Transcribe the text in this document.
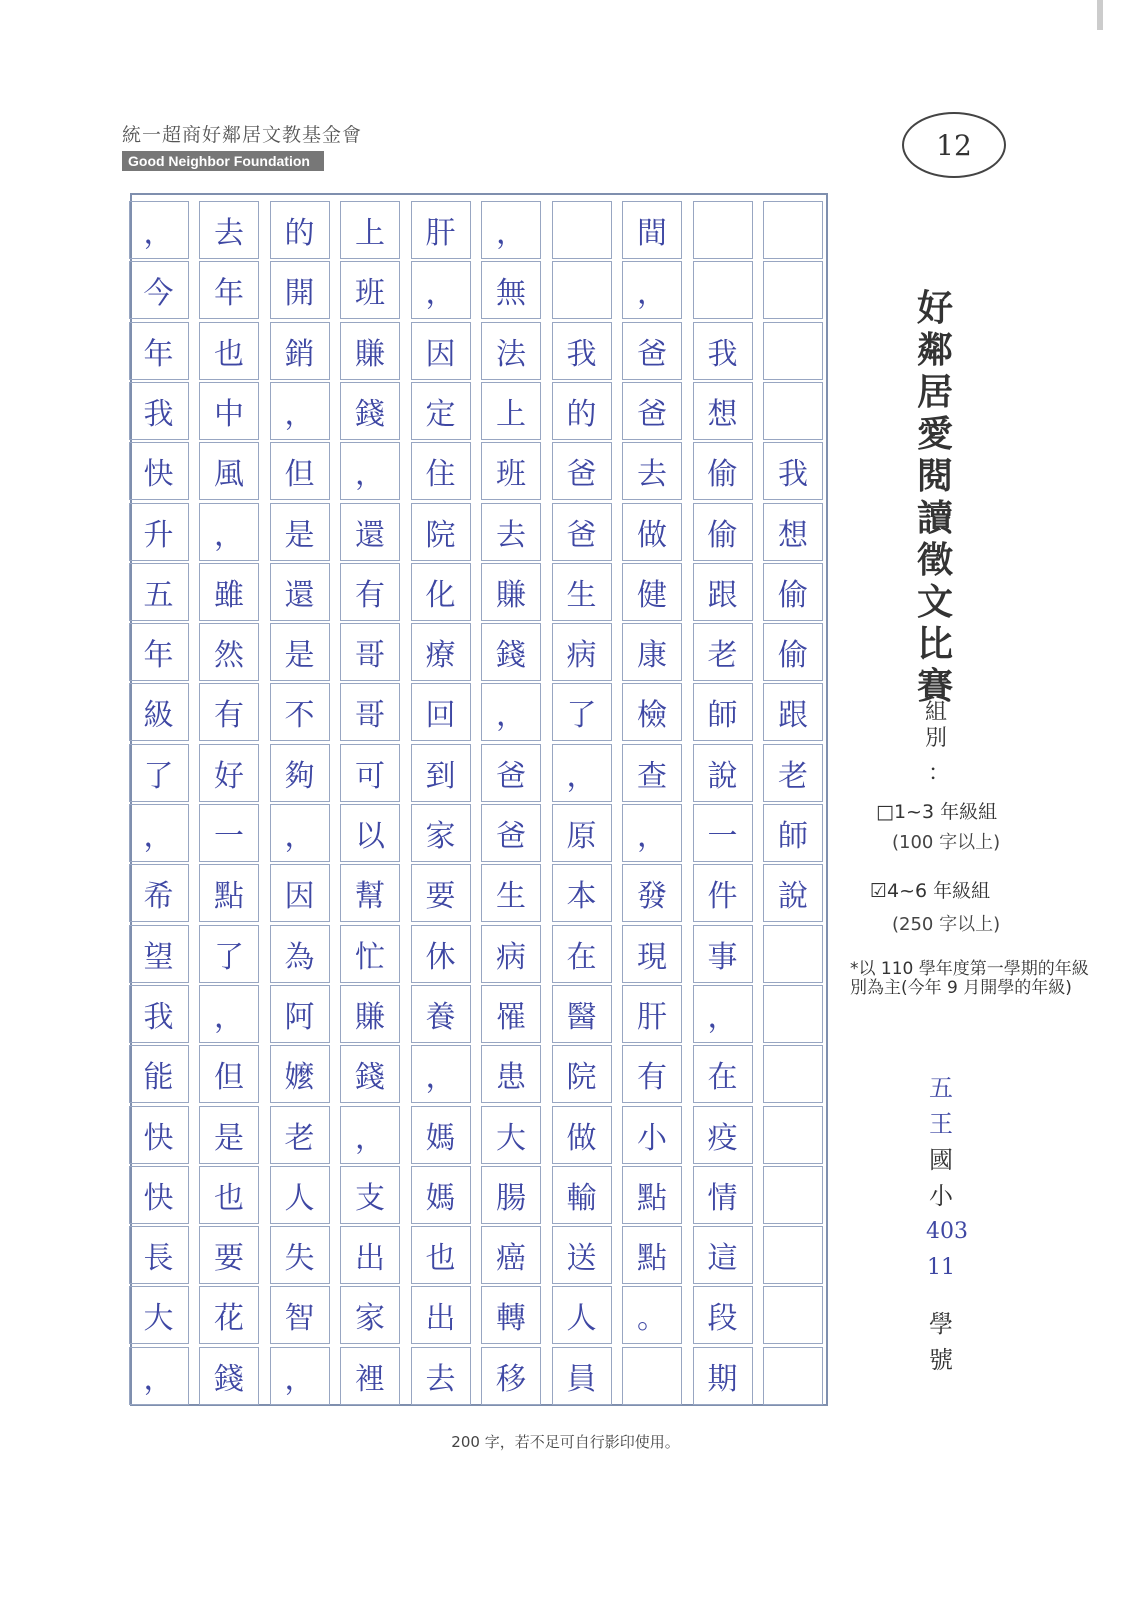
統一超商好鄰居文教基金會
Good Neighbor Foundation	12
我
想
偷
偷
跟
老
師
說
我
想
偷
偷
跟
老
師
說
一
件
事
，
在
疫
情
這
段
期
間
，
爸
爸
去
做
健
康
檢
查
，
發
現
肝
有
小
點
點
。
我
的
爸
爸
生
病
了
，
原
本
在
醫
院
做
輸
送
人
員
，
無
法
上
班
去
賺
錢
，
爸
爸
生
病
罹
患
大
腸
癌
轉
移
肝
，
因
定
住
院
化
療
回
到
家
要
休
養
，
媽
媽
也
出
去
上
班
賺
錢
，
還
有
哥
哥
可
以
幫
忙
賺
錢
，
支
出
家
裡
的
開
銷
，
但
是
還
是
不
夠
，
因
為
阿
嬤
老
人
失
智
，
去
年
也
中
風
，
雖
然
有
好
一
點
了
，
但
是
也
要
花
錢
，
今
年
我
快
升
五
年
級
了
，
希
望
我
能
快
快
長
大
，
好鄰居愛閱讀徵文比賽
組別
：
□1~3 年級組
(100 字以上)
☑4~6 年級組
(250 字以上)
*以 110 學年度第一學期的年級別為主(今年 9 月開學的年級)
五王
國
小
403
11
學
號
200 字，若不足可自行影印使用。
